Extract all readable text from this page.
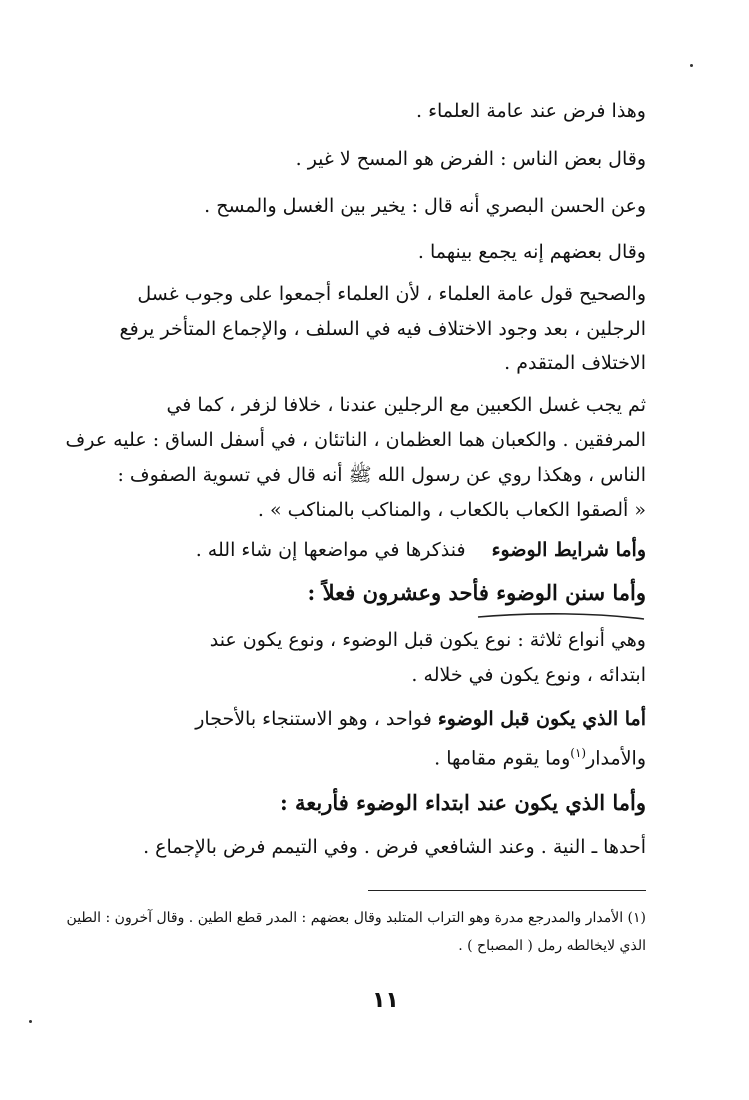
وهذا فرض عند عامة العلماء .
وقال بعض الناس : الفرض هو المسح لا غير .
وعن الحسن البصري أنه قال : يخير بين الغسل والمسح .
وقال بعضهم إنه يجمع بينهما .
والصحيح قول عامة العلماء ، لأن العلماء أجمعوا على وجوب غسل
الرجلين ، بعد وجود الاختلاف فيه في السلف ، والإجماع المتأخر يرفع
الاختلاف المتقدم .
ثم يجب غسل الكعبين مع الرجلين عندنا ، خلافا لزفر ، كما في
المرفقين . والكعبان هما العظمان ، الناتئان ، في أسفل الساق : عليه عرف
الناس ، وهكذا روي عن رسول الله ﷺ أنه قال في تسوية الصفوف :
« ألصقوا الكعاب بالكعاب ، والمناكب بالمناكب » .
وأما شرايط الوضوءفنذكرها في مواضعها إن شاء الله .
وأما سنن الوضوء فأحد وعشرون فعلاً :
وهي أنواع ثلاثة : نوع يكون قبل الوضوء ، ونوع يكون عند
ابتدائه ، ونوع يكون في خلاله .
أما الذي يكون قبل الوضوء فواحد ، وهو الاستنجاء بالأحجار
والأمدار$^{(١)}$وما يقوم مقامها .
وأما الذي يكون عند ابتداء الوضوء فأربعة :
أحدها ـ النية . وعند الشافعي فرض . وفي التيمم فرض بالإجماع .
(١) الأمدار والمدرجع مدرة وهو التراب المتلبد وقال بعضهم : المدر قطع الطين . وقال آخرون : الطين
الذي لايخالطه رمل ( المصباح ) .
١١
